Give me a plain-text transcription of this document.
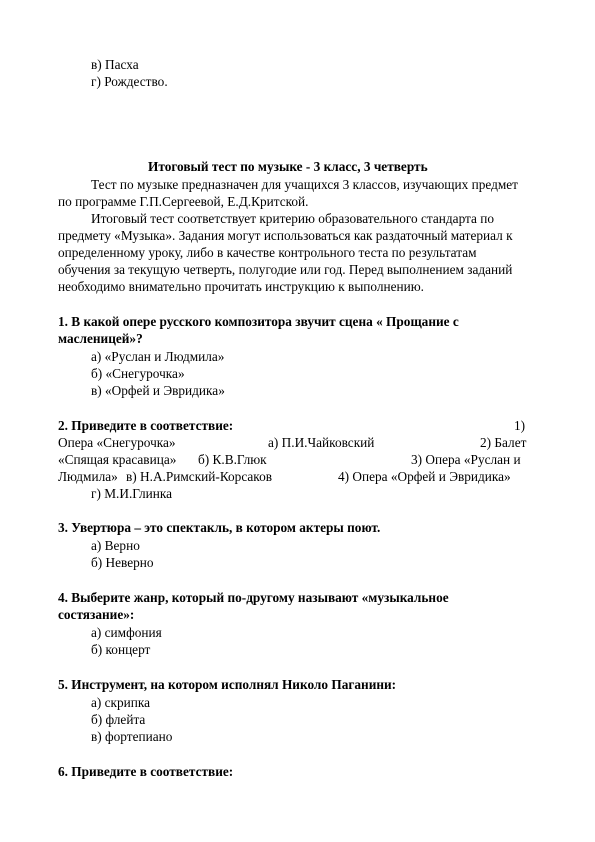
в) Пасха
г) Рождество.
Итоговый тест по музыке - 3 класс, 3 четверть
Тест по музыке предназначен для учащихся 3 классов, изучающих предмет
по программе Г.П.Сергеевой, Е.Д.Критской.
Итоговый тест соответствует критерию образовательного стандарта по
предмету «Музыка». Задания могут использоваться как раздаточный материал к
определенному уроку, либо в качестве контрольного теста по результатам
обучения за текущую четверть, полугодие или год. Перед выполнением заданий
необходимо внимательно прочитать инструкцию к выполнению.
1. В какой опере русского композитора звучит сцена « Прощание с
масленицей»?
а) «Руслан и Людмила»
б) «Снегурочка»
в) «Орфей и Эвридика»
2. Приведите в соответствие:	1)
Опера «Снегурочка»	а) П.И.Чайковский	2) Балет
«Спящая красавица» б) К.В.Глюк	3) Опера «Руслан и
Людмила» в) Н.А.Римский-Корсаков	4) Опера «Орфей и Эвридика»
г) М.И.Глинка
3. Увертюра – это спектакль, в котором актеры поют.
а) Верно
б) Неверно
4. Выберите жанр, который по-другому называют «музыкальное
состязание»:
а) симфония
б) концерт
5. Инструмент, на котором исполнял Николо Паганини:
а) скрипка
б) флейта
в) фортепиано
6. Приведите в соответствие:
